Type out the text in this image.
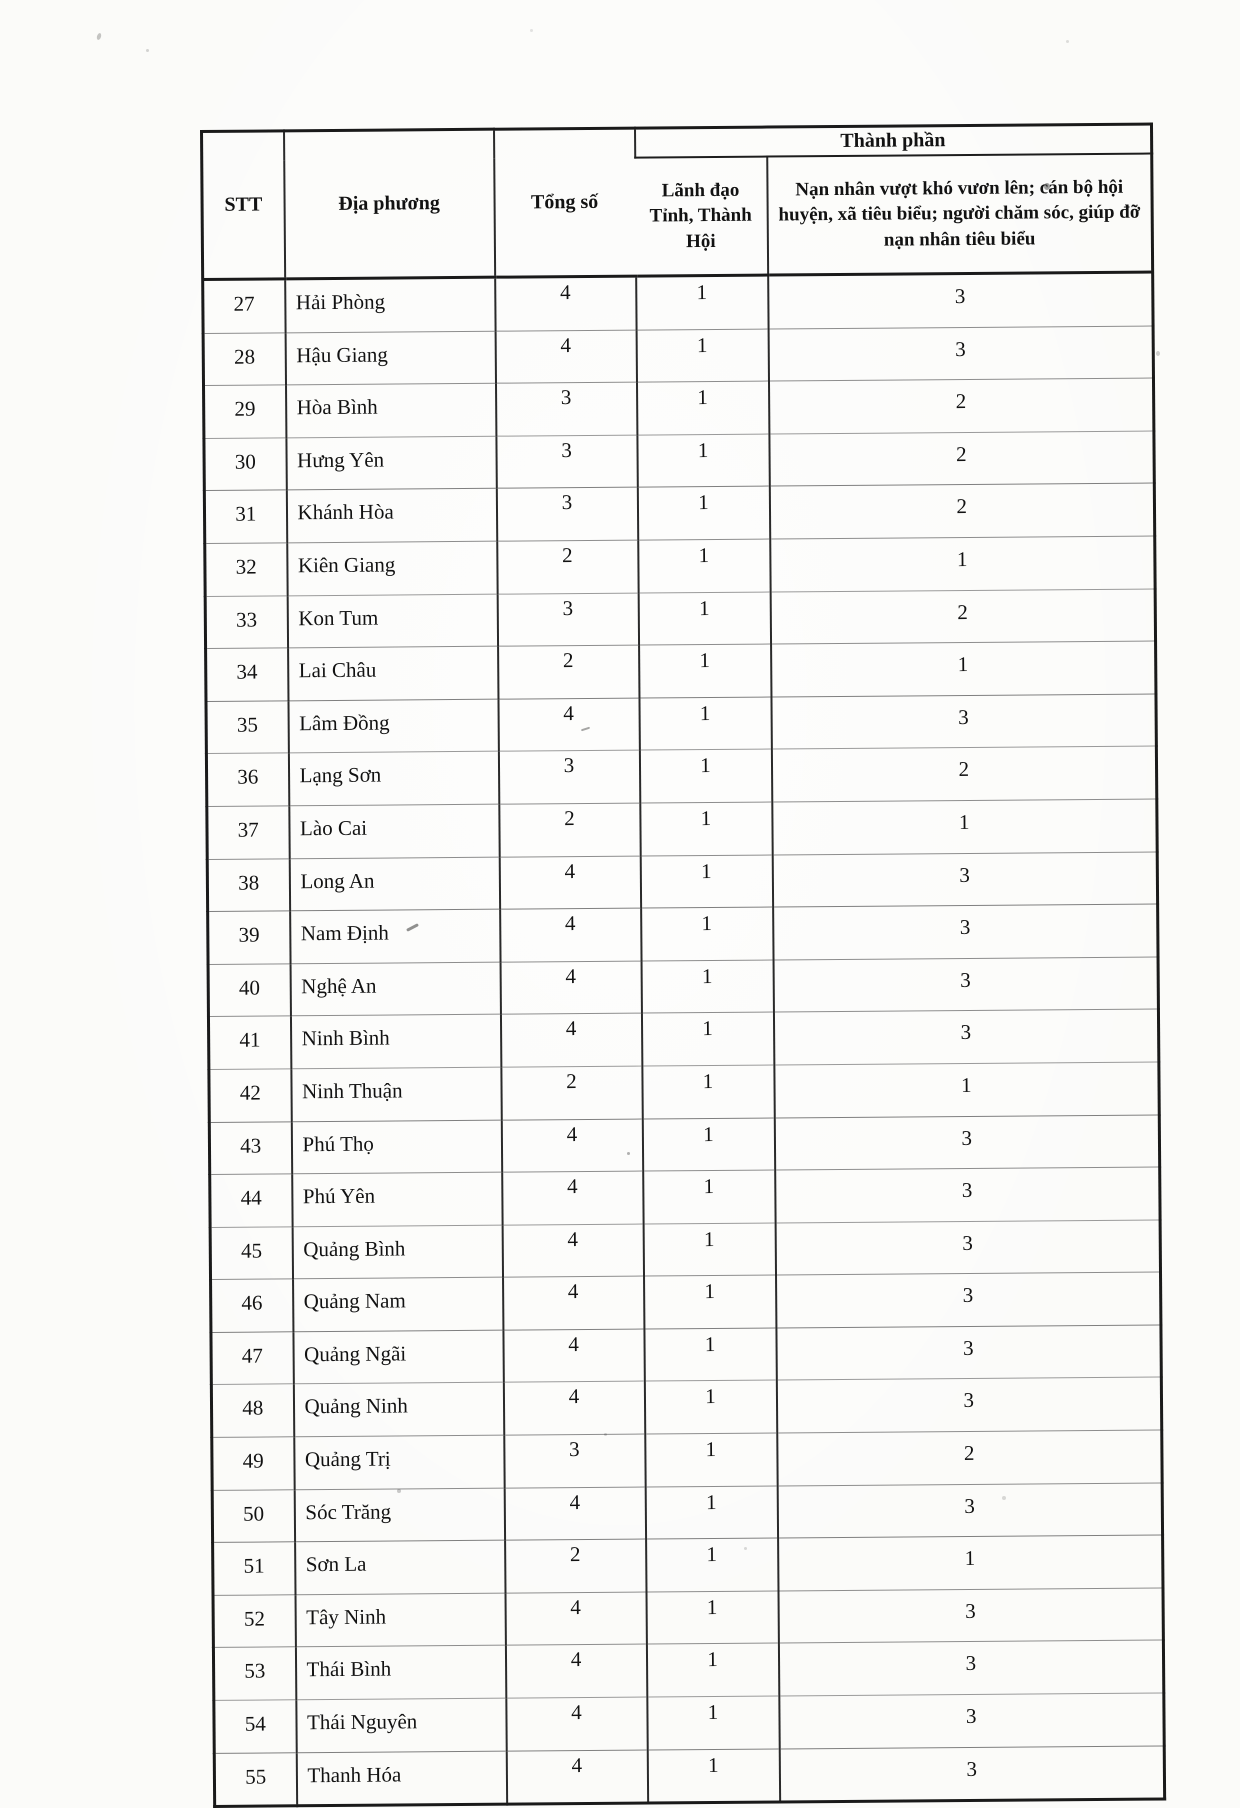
STT	Địa phương	Tổng số	Thành phần	
			Lãnh đạo Tỉnh, Thành Hội	Nạn nhân vượt khó vươn lên; cán bộ hội huyện, xã tiêu biểu; người chăm sóc, giúp đỡ nạn nhân tiêu biểu
27	Hải Phòng	4	1	3
28	Hậu Giang	4	1	3
29	Hòa Bình	3	1	2
30	Hưng Yên	3	1	2
31	Khánh Hòa	3	1	2
32	Kiên Giang	2	1	1
33	Kon Tum	3	1	2
34	Lai Châu	2	1	1
35	Lâm Đồng	4	1	3
36	Lạng Sơn	3	1	2
37	Lào Cai	2	1	1
38	Long An	4	1	3
39	Nam Định	4	1	3
40	Nghệ An	4	1	3
41	Ninh Bình	4	1	3
42	Ninh Thuận	2	1	1
43	Phú Thọ	4	1	3
44	Phú Yên	4	1	3
45	Quảng Bình	4	1	3
46	Quảng Nam	4	1	3
47	Quảng Ngãi	4	1	3
48	Quảng Ninh	4	1	3
49	Quảng Trị	3	1	2
50	Sóc Trăng	4	1	3
51	Sơn La	2	1	1
52	Tây Ninh	4	1	3
53	Thái Bình	4	1	3
54	Thái Nguyên	4	1	3
55	Thanh Hóa	4	1	3
